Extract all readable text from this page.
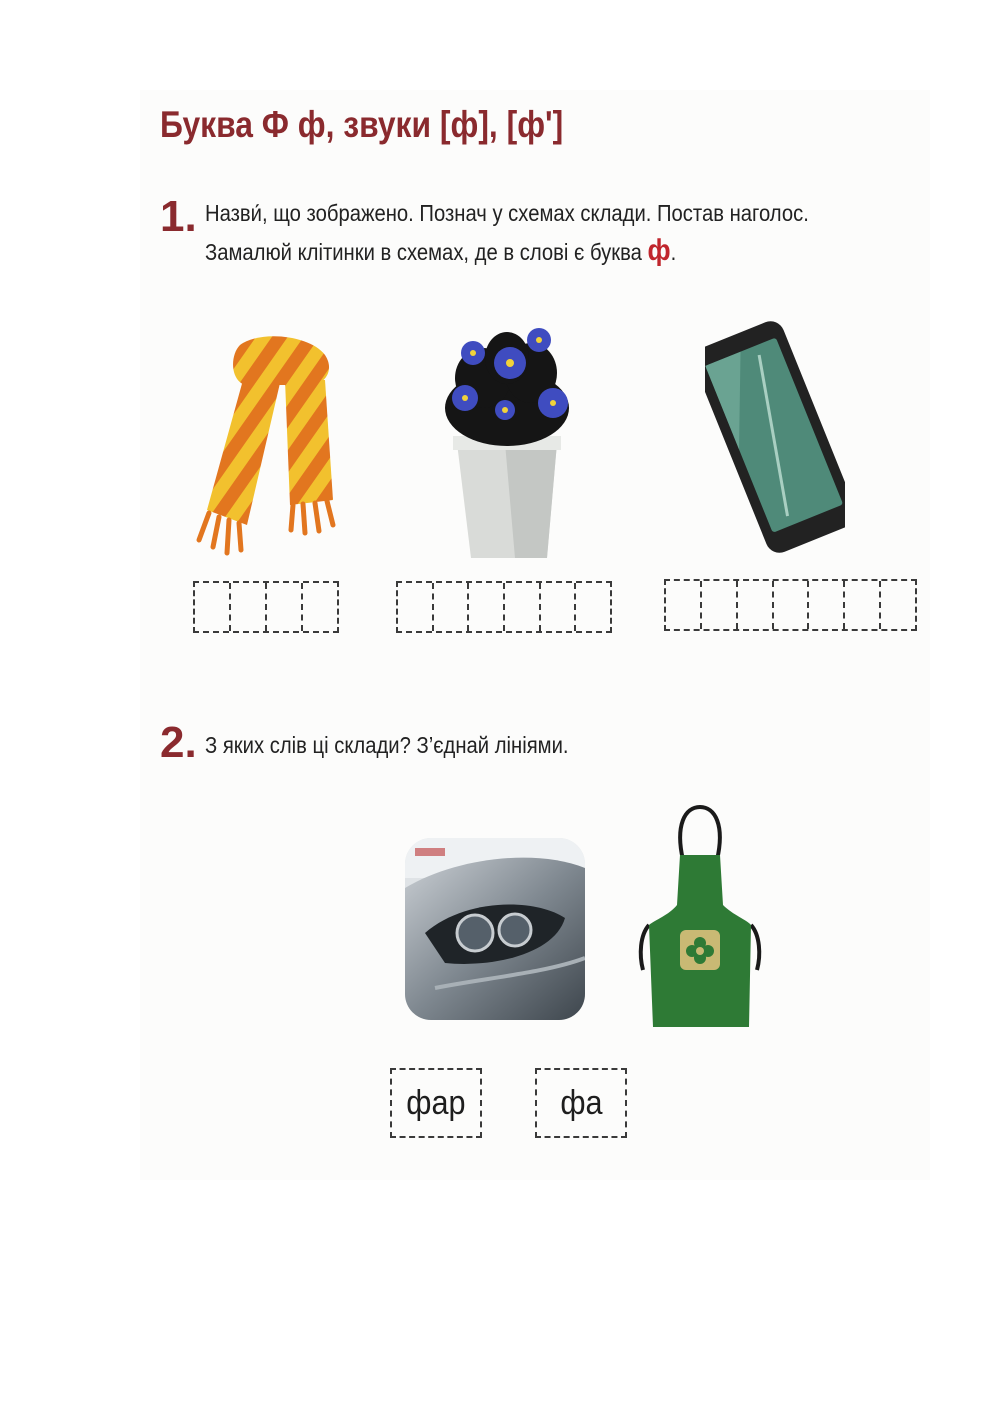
Буква Ф ф, звуки [ф], [ф']
1. Назви́, що зображено. Познач у схемах склади. Постав наголос.
Замалюй клітинки в схемах, де в слові є буква ф.
2. З яких слів ці склади? З’єднай лініями.
фар	фа
